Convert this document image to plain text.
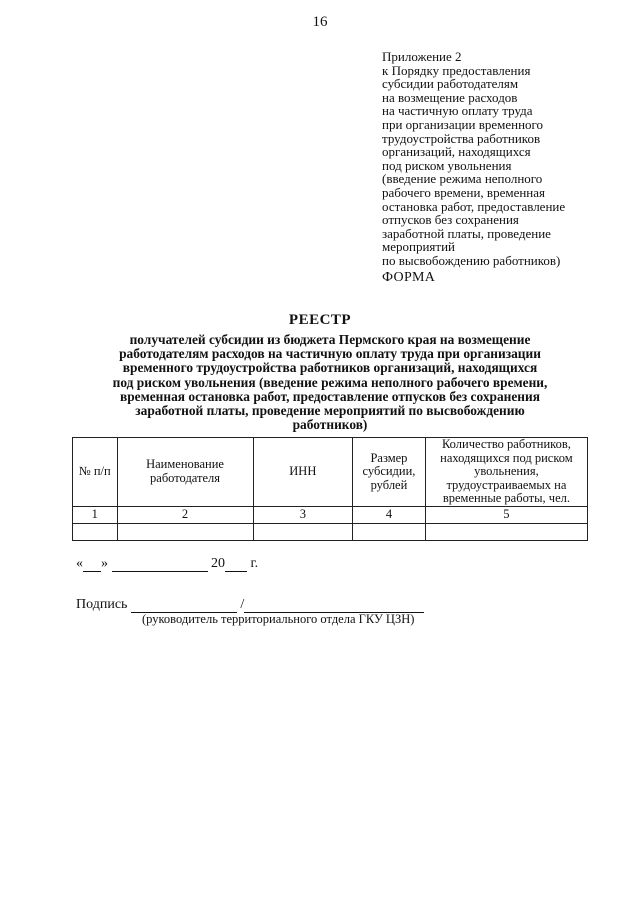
16
Приложение 2
к Порядку предоставления
субсидии работодателям
на возмещение расходов
на частичную оплату труда
при организации временного
трудоустройства работников
организаций, находящихся
под риском увольнения
(введение режима неполного
рабочего времени, временная
остановка работ, предоставление
отпусков без сохранения
заработной платы, проведение
мероприятий
по высвобождению работников)
ФОРМА
РЕЕСТР
получателей субсидии из бюджета Пермского края на возмещение
работодателям расходов на частичную оплату труда при организации
временного трудоустройства работников организаций, находящихся
под риском увольнения (введение режима неполного рабочего времени,
временная остановка работ, предоставление отпусков без сохранения
заработной платы, проведение мероприятий по высвобождению
работников)
№ п/п	Наименование работодателя	ИНН	Размер субсидии, рублей	Количество работников, находящихся под риском увольнения, трудоустраиваемых на временные работы, чел.
1	2	3	4	5

« »	20 г.
Подпись	/
(руководитель территориального отдела ГКУ ЦЗН)
